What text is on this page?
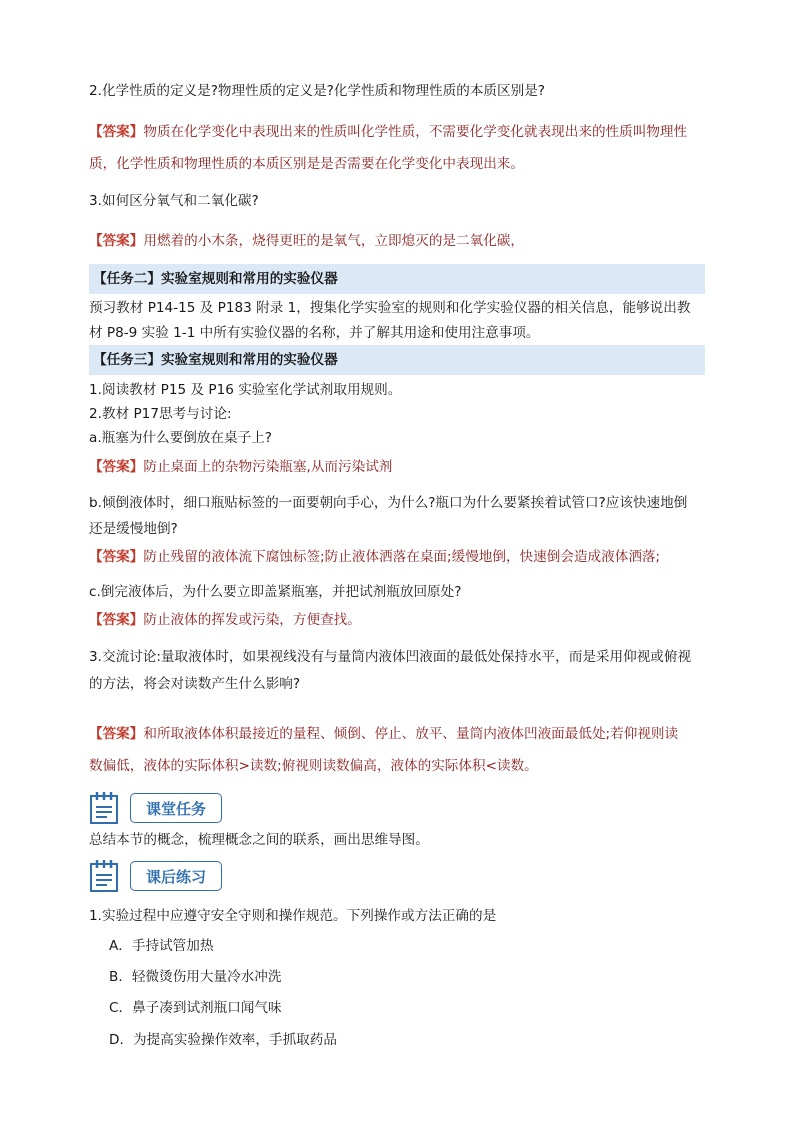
2.化学性质的定义是?物理性质的定义是?化学性质和物理性质的本质区别是?
【答案】物质在化学变化中表现出来的性质叫化学性质，不需要化学变化就表现出来的性质叫物理性
质，化学性质和物理性质的本质区别是是否需要在化学变化中表现出来。
3.如何区分氧气和二氧化碳?
【答案】用燃着的小木条，烧得更旺的是氧气，立即熄灭的是二氧化碳，
【任务二】实验室规则和常用的实验仪器
预习教材 P14-15 及 P183 附录 1，搜集化学实验室的规则和化学实验仪器的相关信息，能够说出教
材 P8-9 实验 1-1 中所有实验仪器的名称，并了解其用途和使用注意事项。
【任务三】实验室规则和常用的实验仪器
1.阅读教材 P15 及 P16 实验室化学试剂取用规则。
2.教材 P17思考与讨论:
a.瓶塞为什么要倒放在桌子上?
【答案】防止桌面上的杂物污染瓶塞,从而污染试剂
b.倾倒液体时，细口瓶贴标签的一面要朝向手心，为什么?瓶口为什么要紧挨着试管口?应该快速地倒
还是缓慢地倒?
【答案】防止残留的液体流下腐蚀标签;防止液体洒落在桌面;缓慢地倒，快速倒会造成液体洒落;
c.倒完液体后，为什么要立即盖紧瓶塞，并把试剂瓶放回原处?
【答案】防止液体的挥发或污染，方便查找。
3.交流讨论:量取液体时，如果视线没有与量筒内液体凹液面的最低处保持水平，而是采用仰视或俯视
的方法，将会对读数产生什么影响?
【答案】和所取液体体积最接近的量程、倾倒、停止、放平、量筒内液体凹液面最低处;若仰视则读
数偏低，液体的实际体积>读数;俯视则读数偏高，液体的实际体积<读数。
课堂任务
总结本节的概念，梳理概念之间的联系，画出思维导图。
课后练习
1.实验过程中应遵守安全守则和操作规范。下列操作或方法正确的是
A．手持试管加热
B．轻微烫伤用大量冷水冲洗
C．鼻子凑到试剂瓶口闻气味
D．为提高实验操作效率，手抓取药品
